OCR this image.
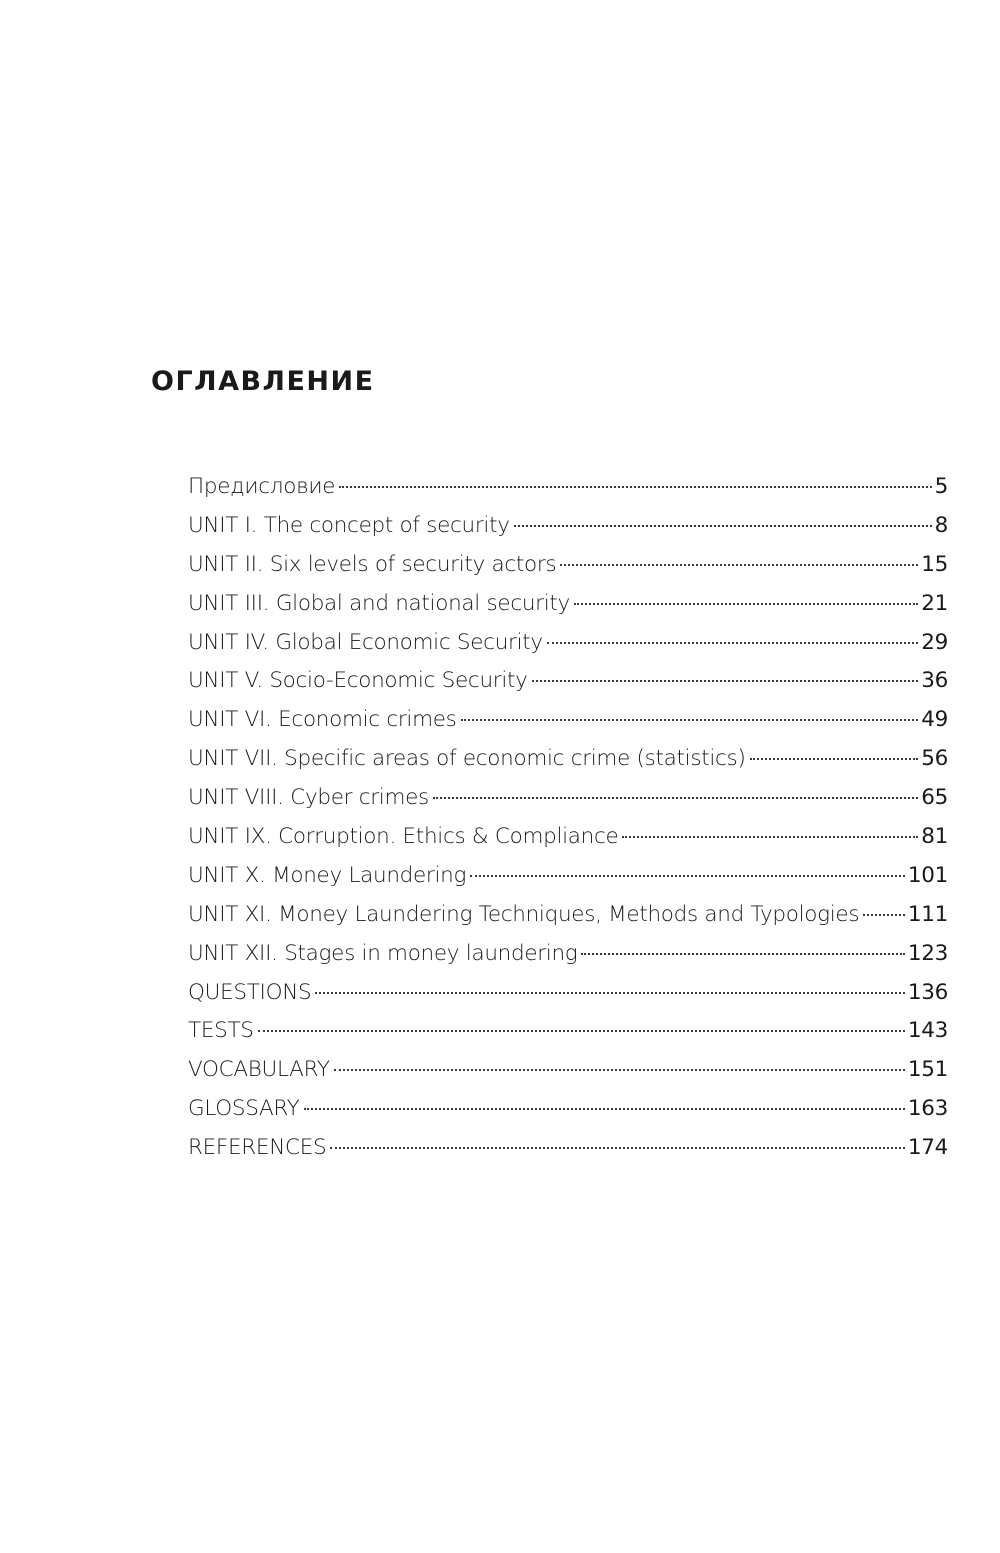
ОГЛАВЛЕНИЕ
Предисловие	5
UNIT I. The concept of security	8
UNIT II. Six levels of security actors	15
UNIT III. Global and national security	21
UNIT IV. Global Economic Security	29
UNIT V. Socio-Economic Security	36
UNIT VI. Economic crimes	49
UNIT VII. Specific areas of economic crime (statistics)	56
UNIT VIII. Cyber crimes	65
UNIT IX. Corruption. Ethics & Compliance	81
UNIT X. Money Laundering	101
UNIT XI. Money Laundering Techniques, Methods and Typologies 111
UNIT XII. Stages in money laundering	123
QUESTIONS	136
TESTS	143
VOCABULARY	151
GLOSSARY	163
REFERENCES	174
